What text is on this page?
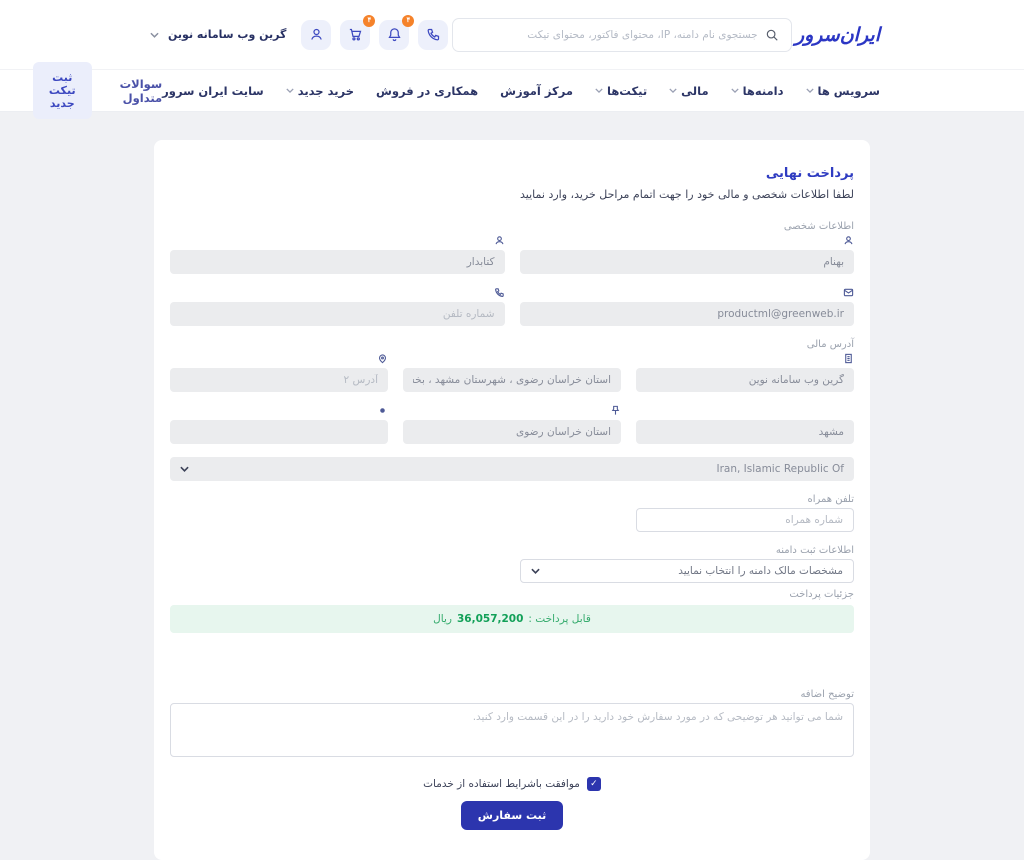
ایران‌سرور
جستجوی نام دامنه، IP، محتوای فاکتور، محتوای تیکت
۴
۴
گرین وب سامانه نوین
سرویس ها
دامنه‌ها
مالی
تیکت‌ها
مرکز آموزش
همکاری در فروش
خرید جدید
سایت ایران سرور
سوالات متداول
ثبت تیکت جدید
پرداخت نهایی
لطفا اطلاعات شخصی و مالی خود را جهت اتمام مراحل خرید، وارد نمایید
اطلاعات شخصی
بهنام
کتابدار
productml@greenweb.ir
شماره تلفن
آدرس مالی
گرین وب سامانه نوین
استان خراسان رضوی ، شهرستان مشهد ، بخش مرکزی ، شهر مشه
آدرس ۲
مشهد
استان خراسان رضوی
Iran, Islamic Republic Of
تلفن همراه
شماره همراه
اطلاعات ثبت دامنه
مشخصات مالک دامنه را انتخاب نمایید
جزئیات پرداخت
قابل پرداخت :
36,057,200
ریال
توضیح اضافه
شما می توانید هر توضیحی که در مورد سفارش خود دارید را در این قسمت وارد کنید.
✓
موافقت باشرایط استفاده از خدمات
ثبت سفارش
